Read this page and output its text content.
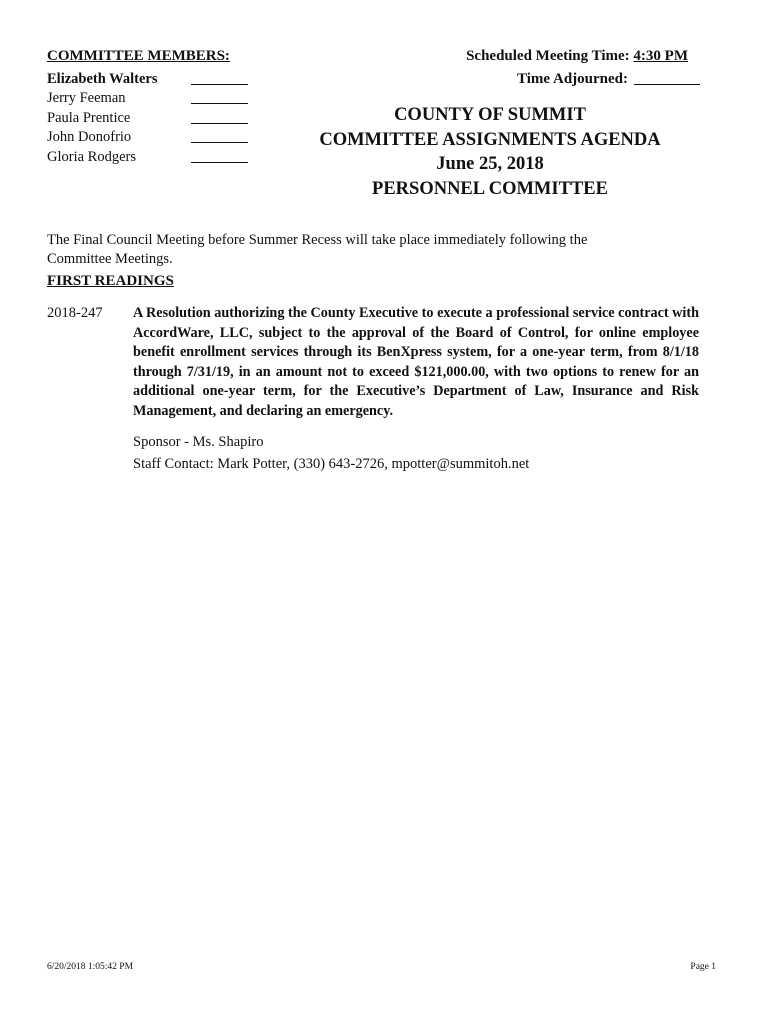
COMMITTEE MEMBERS:
Elizabeth Walters
Jerry Feeman
Paula Prentice
John Donofrio
Gloria Rodgers
Scheduled Meeting Time: 4:30 PM
Time Adjourned:
COUNTY OF SUMMIT
COMMITTEE ASSIGNMENTS AGENDA
June 25, 2018
PERSONNEL COMMITTEE
The Final Council Meeting before Summer Recess will take place immediately following the Committee Meetings.
FIRST READINGS
2018-247 A Resolution authorizing the County Executive to execute a professional service contract with AccordWare, LLC, subject to the approval of the Board of Control, for online employee benefit enrollment services through its BenXpress system, for a one-year term, from 8/1/18 through 7/31/19, in an amount not to exceed $121,000.00, with two options to renew for an additional one-year term, for the Executive’s Department of Law, Insurance and Risk Management, and declaring an emergency.
Sponsor - Ms. Shapiro
Staff Contact: Mark Potter, (330) 643-2726, mpotter@summitoh.net
6/20/2018 1:05:42 PM	Page 1
